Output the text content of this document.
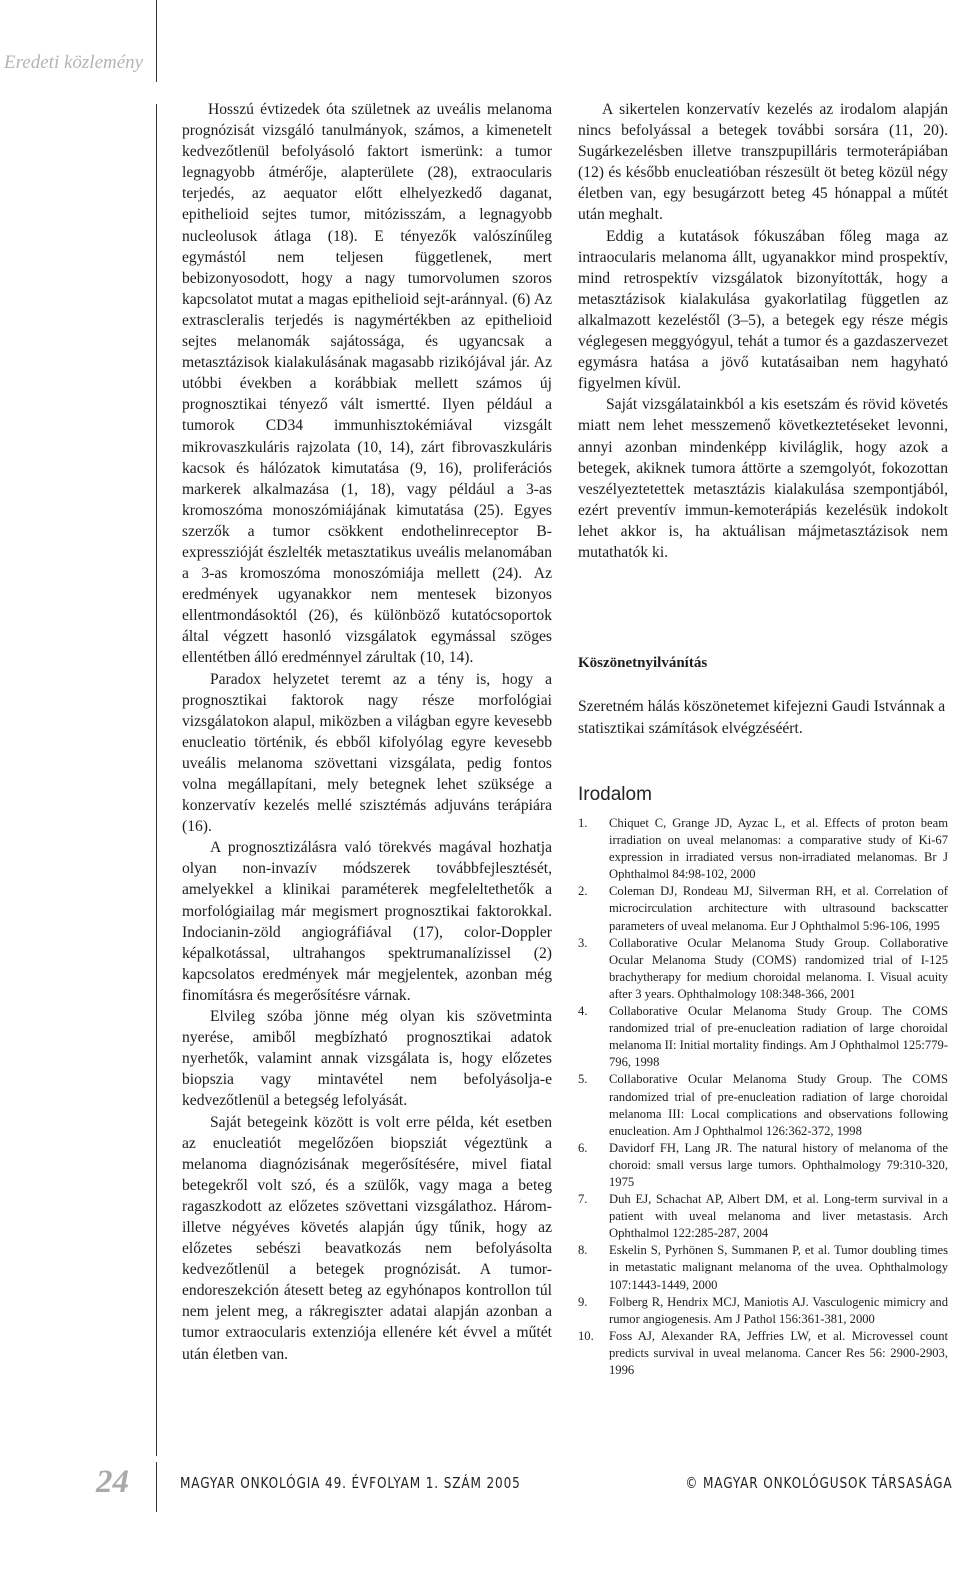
Eredeti közlemény

Hosszú évtizedek óta születnek az uveális melanoma prognózisát vizsgáló tanulmányok, számos, a kimenetelt kedvezőtlenül befolyásoló faktort ismerünk: a tumor legnagyobb átmérője, alapterülete (28), extraocularis terjedés, az aequator előtt elhelyezkedő daganat, epithelioid sejtes tumor, mitózisszám, a legnagyobb nucleolusok átlaga (18). E tényezők valószínűleg egymástól nem teljesen függetlenek, mert bebizonyosodott, hogy a nagy tumorvolumen szoros kapcsolatot mutat a magas epithelioid sejt-aránnyal. (6) Az extrascleralis terjedés is nagymértékben az epithelioid sejtes melanomák sajátossága, és ugyancsak a metasztázisok kialakulásának magasabb rizikójával jár. Az utóbbi években a korábbiak mellett számos új prognosztikai tényező vált ismertté. Ilyen például a tumorok CD34 immunhisztokémiával vizsgált mikrovaszkuláris rajzolata (10, 14), zárt fibrovaszkuláris kacsok és hálózatok kimutatása (9, 16), proliferációs markerek alkalmazása (1, 18), vagy például a 3-as kromoszóma monoszómiájának kimutatása (25). Egyes szerzők a tumor csökkent endothelinreceptor B-expresszióját észlelték metasztatikus uveális melanomában a 3-as kromoszóma monoszómiája mellett (24). Az eredmények ugyanakkor nem mentesek bizonyos ellentmondásoktól (26), és különböző kutatócsoportok által végzett hasonló vizsgálatok egymással szöges ellentétben álló eredménnyel zárultak (10, 14).

Paradox helyzetet teremt az a tény is, hogy a prognosztikai faktorok nagy része morfológiai vizsgálatokon alapul, miközben a világban egyre kevesebb enucleatio történik, és ebből kifolyólag egyre kevesebb uveális melanoma szövettani vizsgálata, pedig fontos volna megállapítani, mely betegnek lehet szüksége a konzervatív kezelés mellé szisztémás adjuváns terápiára (16).

A prognosztizálásra való törekvés magával hozhatja olyan non-invazív módszerek továbbfejlesztését, amelyekkel a klinikai paraméterek megfeleltethetők a morfológiailag már megismert prognosztikai faktorokkal. Indocianin-zöld angiográfiával (17), color-Doppler képalkotással, ultrahangos spektrumanalízissel (2) kapcsolatos eredmények már megjelentek, azonban még finomításra és megerősítésre várnak.

Elvileg szóba jönne még olyan kis szövetminta nyerése, amiből megbízható prognosztikai adatok nyerhetők, valamint annak vizsgálata is, hogy előzetes biopszia vagy mintavétel nem befolyásolja-e kedvezőtlenül a betegség lefolyását.

Saját betegeink között is volt erre példa, két esetben az enucleatiót megelőzően biopsziát végeztünk a melanoma diagnózisának megerősítésére, mivel fiatal betegekről volt szó, és a szülők, vagy maga a beteg ragaszkodott az előzetes szövettani vizsgálathoz. Három- illetve négyéves követés alapján úgy tűnik, hogy az előzetes sebészi beavatkozás nem befolyásolta kedvezőtlenül a betegek prognózisát. A tumor-endoreszekción átesett beteg az egyhónapos kontrollon túl nem jelent meg, a rákregiszter adatai alapján azonban a tumor extraocularis extenziója ellenére két évvel a műtét után életben van.

A sikertelen konzervatív kezelés az irodalom alapján nincs befolyással a betegek további sorsára (11, 20). Sugárkezelésben illetve transzpupilláris termoterápiában (12) és később enucleatióban részesült öt beteg közül négy életben van, egy besugárzott beteg 45 hónappal a műtét után meghalt.

Eddig a kutatások fókuszában főleg maga az intraocularis melanoma állt, ugyanakkor mind prospektív, mind retrospektív vizsgálatok bizonyították, hogy a metasztázisok kialakulása gyakorlatilag független az alkalmazott kezeléstől (3–5), a betegek egy része mégis véglegesen meggyógyul, tehát a tumor és a gazdaszervezet egymásra hatása a jövő kutatásaiban nem hagyható figyelmen kívül.

Saját vizsgálatainkból a kis esetszám és rövid követés miatt nem lehet messzemenő következtetéseket levonni, annyi azonban mindenképp kiviláglik, hogy azok a betegek, akiknek tumora áttörte a szemgolyót, fokozottan veszélyeztetettek metasztázis kialakulása szempontjából, ezért preventív immun-kemoterápiás kezelésük indokolt lehet akkor is, ha aktuálisan májmetasztázisok nem mutathatók ki.

Köszönetnyilvánítás
Szeretném hálás köszönetemet kifejezni Gaudi Istvánnak a statisztikai számítások elvégzéséért.
Irodalom
1. Chiquet C, Grange JD, Ayzac L, et al. Effects of proton beam irradiation on uveal melanomas: a comparative study of Ki-67 expression in irradiated versus non-irradiated melanomas. Br J Ophthalmol 84:98-102, 2000
2. Coleman DJ, Rondeau MJ, Silverman RH, et al. Correlation of microcirculation architecture with ultrasound backscatter parameters of uveal melanoma. Eur J Ophthalmol 5:96-106, 1995
3. Collaborative Ocular Melanoma Study Group. Collaborative Ocular Melanoma Study (COMS) randomized trial of I-125 brachytherapy for medium choroidal melanoma. I. Visual acuity after 3 years. Ophthalmology 108:348-366, 2001
4. Collaborative Ocular Melanoma Study Group. The COMS randomized trial of pre-enucleation radiation of large choroidal melanoma II: Initial mortality findings. Am J Ophthalmol 125:779-796, 1998
5. Collaborative Ocular Melanoma Study Group. The COMS randomized trial of pre-enucleation radiation of large choroidal melanoma III: Local complications and observations following enucleation. Am J Ophthalmol 126:362-372, 1998
6. Davidorf FH, Lang JR. The natural history of melanoma of the choroid: small versus large tumors. Ophthalmology 79:310-320, 1975
7. Duh EJ, Schachat AP, Albert DM, et al. Long-term survival in a patient with uveal melanoma and liver metastasis. Arch Ophthalmol 122:285-287, 2004
8. Eskelin S, Pyrhönen S, Summanen P, et al. Tumor doubling times in metastatic malignant melanoma of the uvea. Ophthalmology 107:1443-1449, 2000
9. Folberg R, Hendrix MCJ, Maniotis AJ. Vasculogenic mimicry and rumor angiogenesis. Am J Pathol 156:361-381, 2000
10. Foss AJ, Alexander RA, Jeffries LW, et al. Microvessel count predicts survival in uveal melanoma. Cancer Res 56: 2900-2903, 1996
24	MAGYAR ONKOLÓGIA 49. ÉVFOLYAM 1. SZÁM 2005	© MAGYAR ONKOLÓGUSOK TÁRSASÁGA
